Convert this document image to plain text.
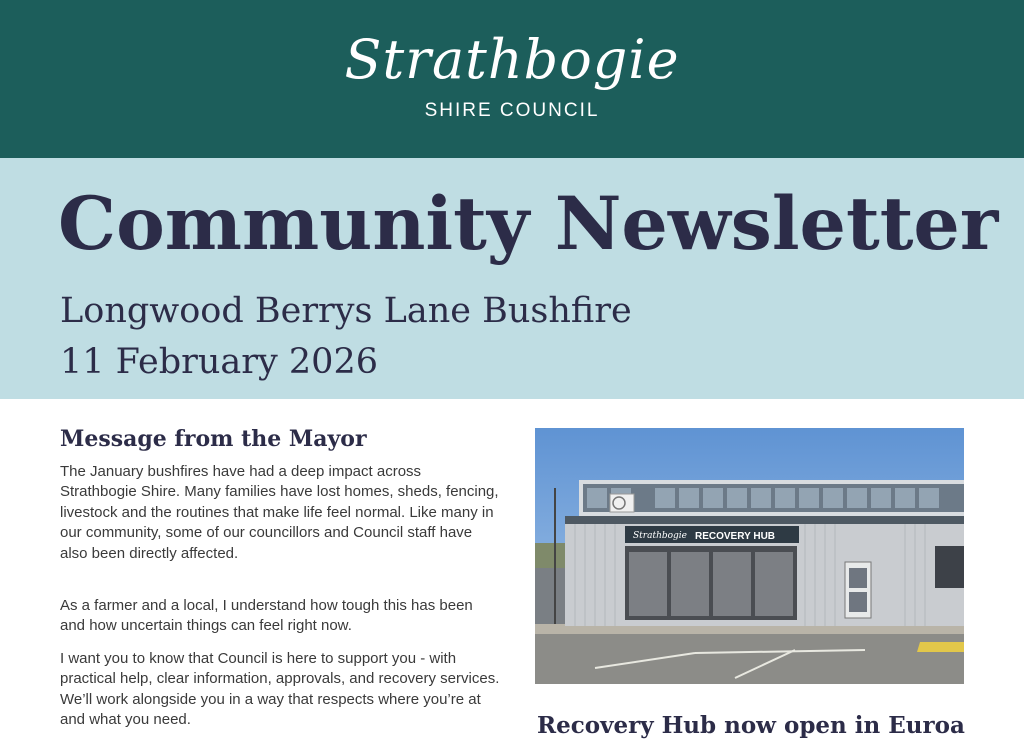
Strathbogie
SHIRE COUNCIL
Community Newsletter
Longwood Berrys Lane Bushfire
11 February 2026
Message from the Mayor
The January bushfires have had a deep impact across Strathbogie Shire. Many families have lost homes, sheds, fencing, livestock and the routines that make life feel normal. Like many in our community, some of our councillors and Council staff have also been directly affected.
As a farmer and a local, I understand how tough this has been and how uncertain things can feel right now.
I want you to know that Council is here to support you - with practical help, clear information, approvals, and recovery services. We’ll work alongside you in a way that respects where you’re at and what you need.
Strathbogie RECOVERY HUB
Recovery Hub now open in Euroa
